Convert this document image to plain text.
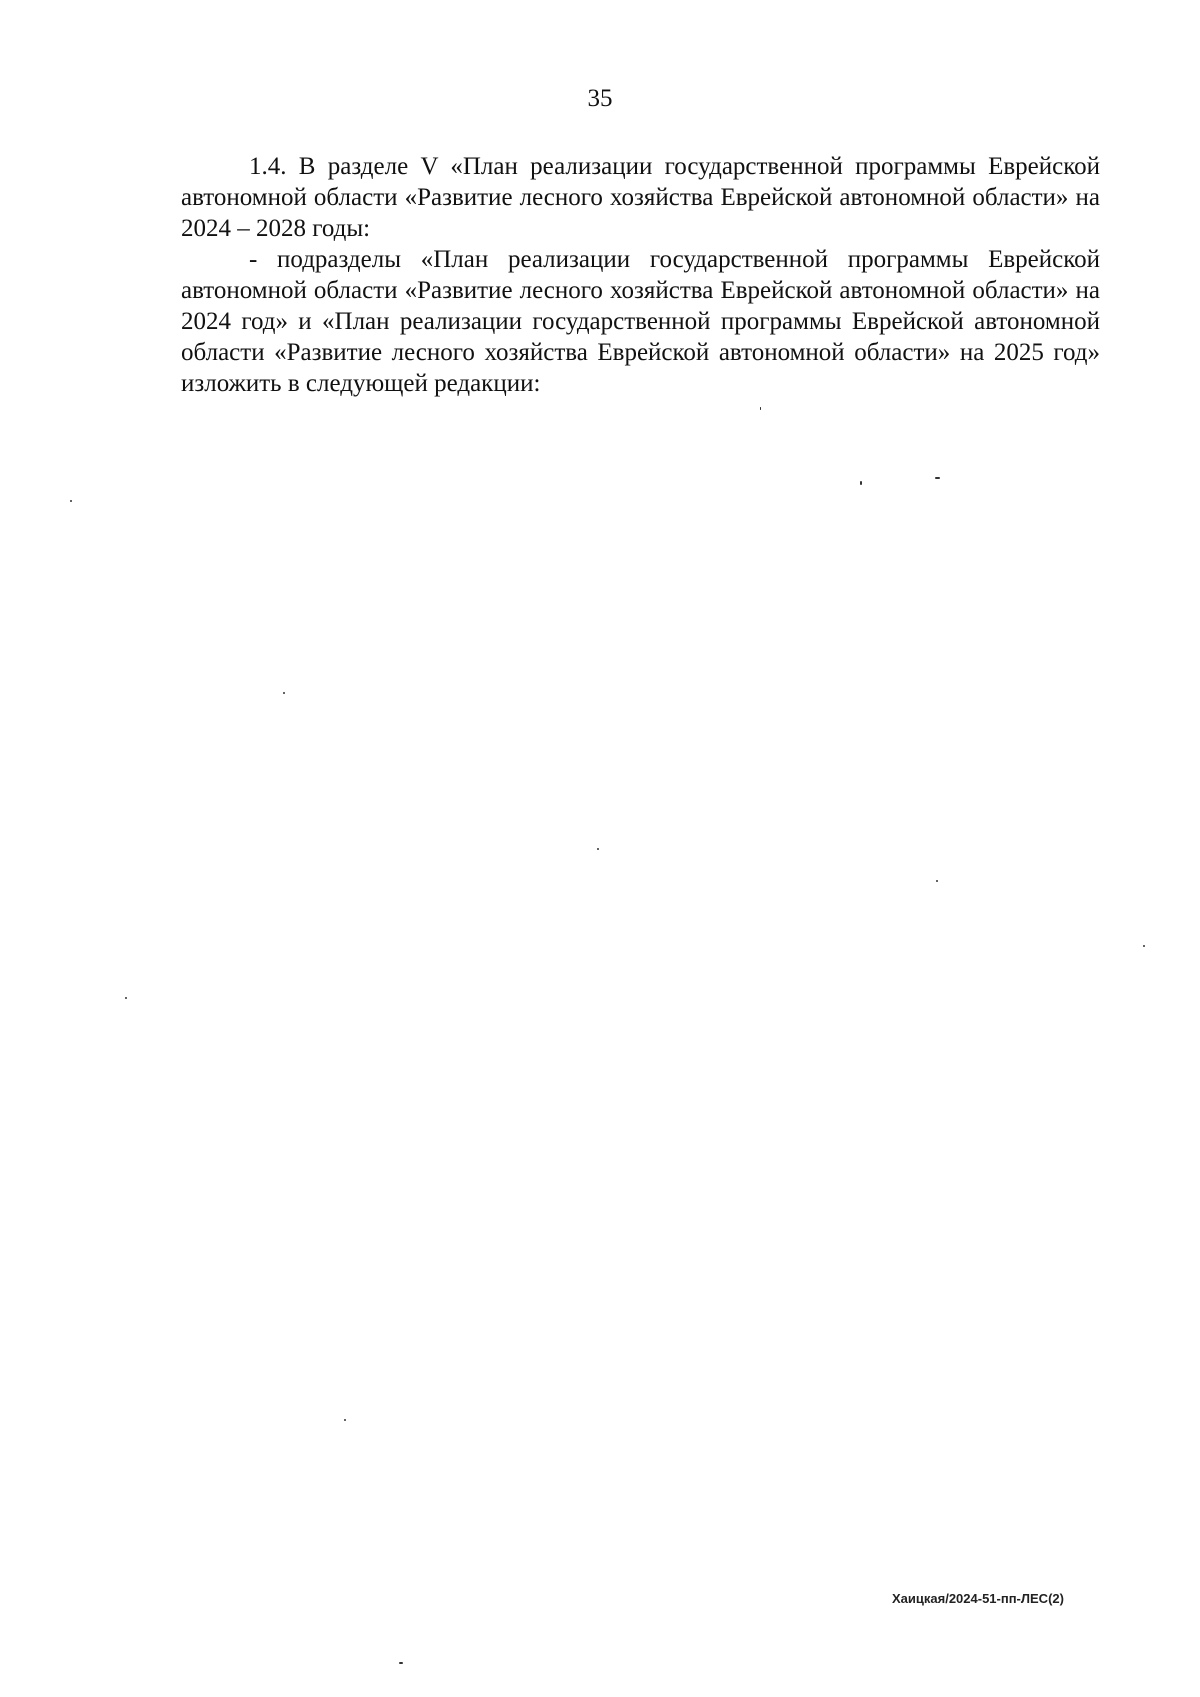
35

1.4. В разделе V «План реализации государственной программы Еврейской автономной области «Развитие лесного хозяйства Еврейской автономной области» на 2024 – 2028 годы:

- подразделы «План реализации государственной программы Еврейской автономной области «Развитие лесного хозяйства Еврейской автономной области» на 2024 год» и «План реализации государственной программы Еврейской автономной области «Развитие лесного хозяйства Еврейской автономной области» на 2025 год» изложить в следующей редакции:

Хаицкая/2024-51-пп-ЛЕС(2)
